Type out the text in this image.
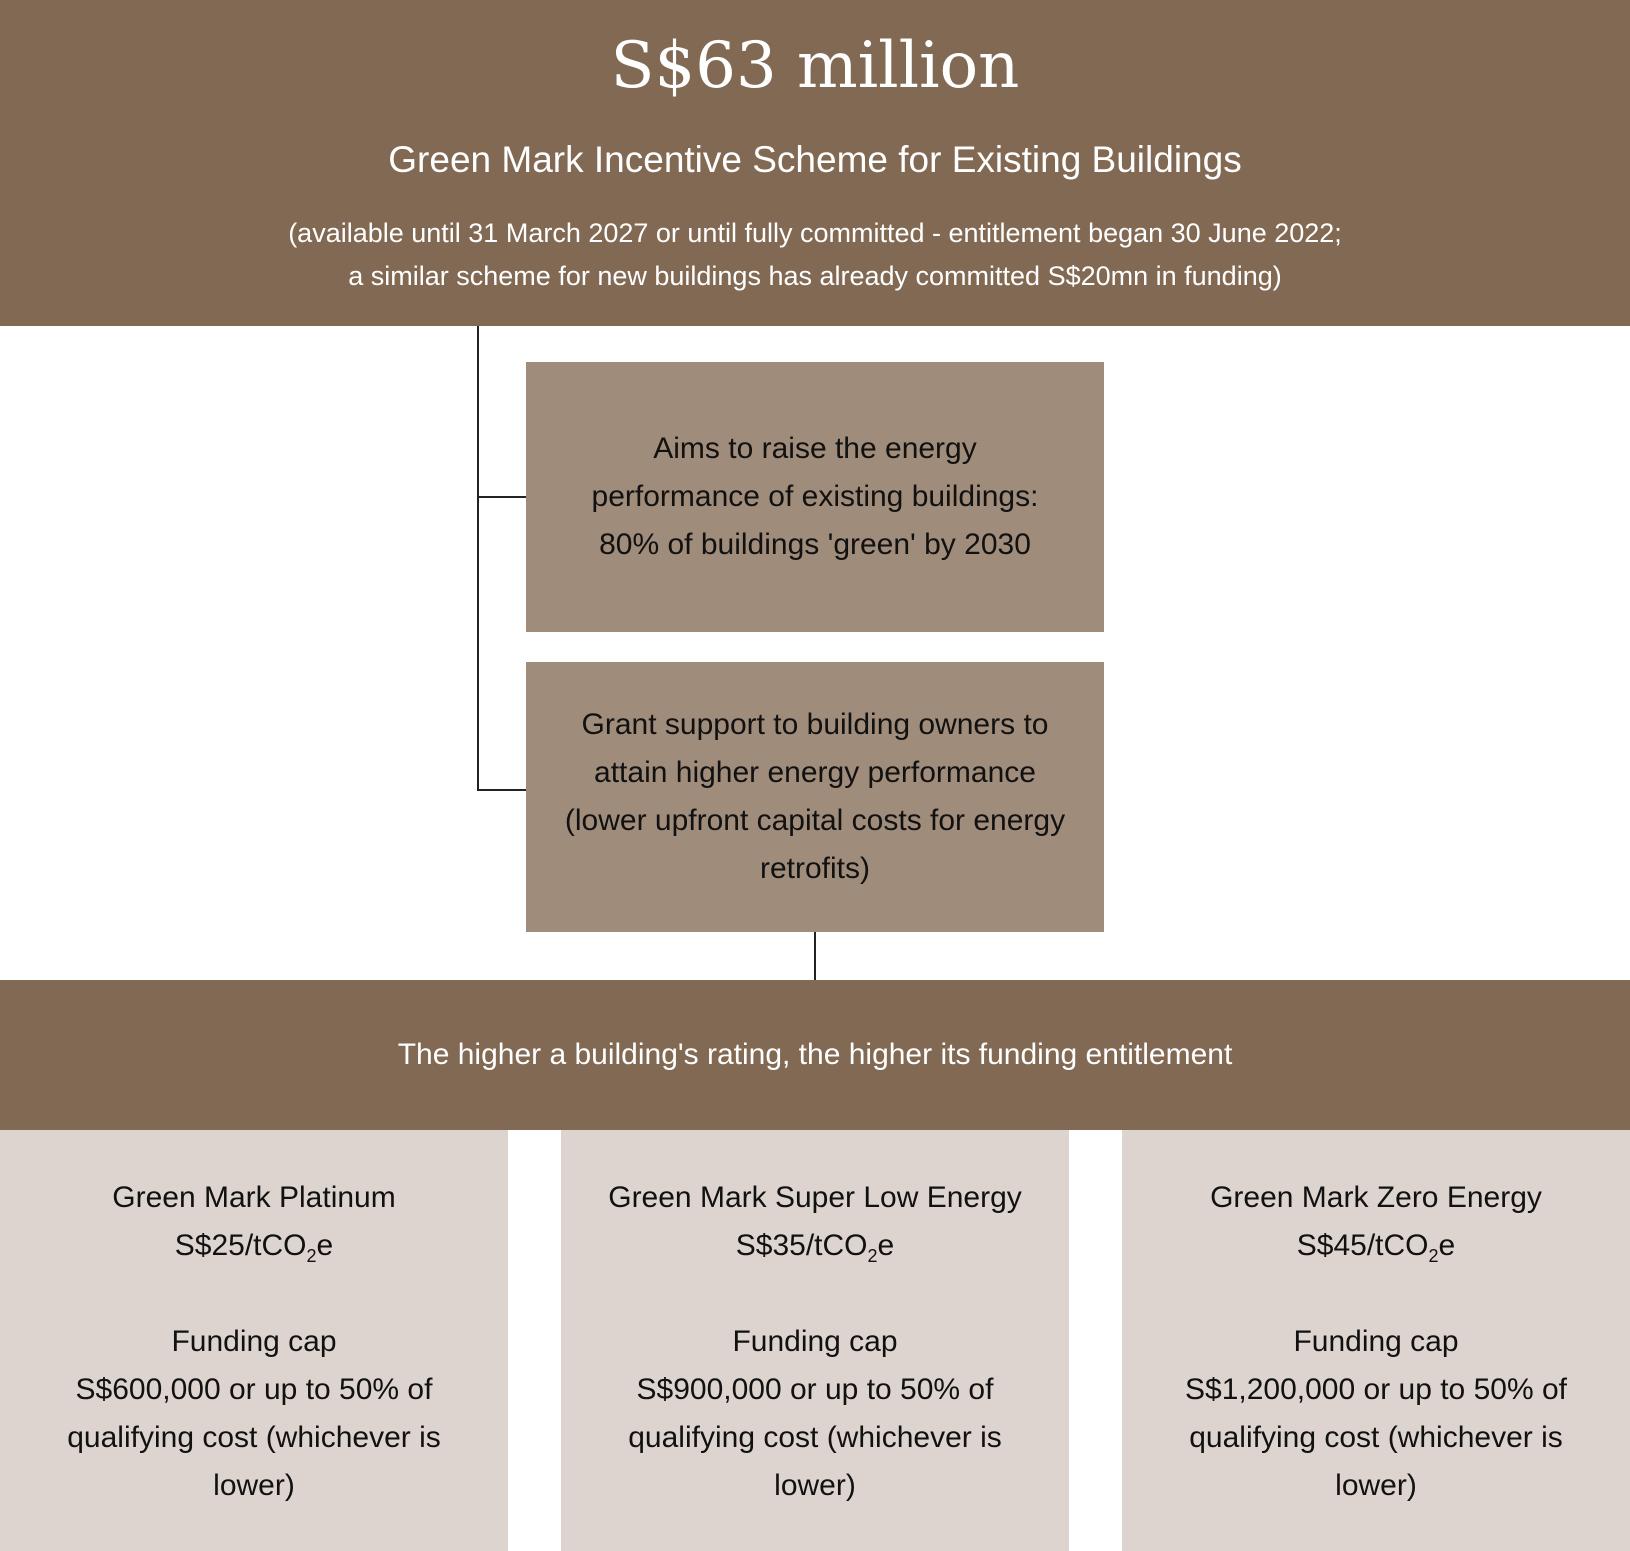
S$63 million
Green Mark Incentive Scheme for Existing Buildings
(available until 31 March 2027 or until fully committed - entitlement began 30 June 2022;
a similar scheme for new buildings has already committed S$20mn in funding)
Aims to raise the energy performance of existing buildings: 80% of buildings 'green' by 2030
Grant support to building owners to attain higher energy performance (lower upfront capital costs for energy retrofits)
The higher a building's rating, the higher its funding entitlement
Green Mark Platinum
S$25/tCO$_2$e
Funding cap
S$600,000 or up to 50% of qualifying cost (whichever is lower)
Green Mark Super Low Energy
S$35/tCO$_2$e
Funding cap
S$900,000 or up to 50% of qualifying cost (whichever is lower)
Green Mark Zero Energy
S$45/tCO$_2$e
Funding cap
S$1,200,000 or up to 50% of qualifying cost (whichever is lower)
